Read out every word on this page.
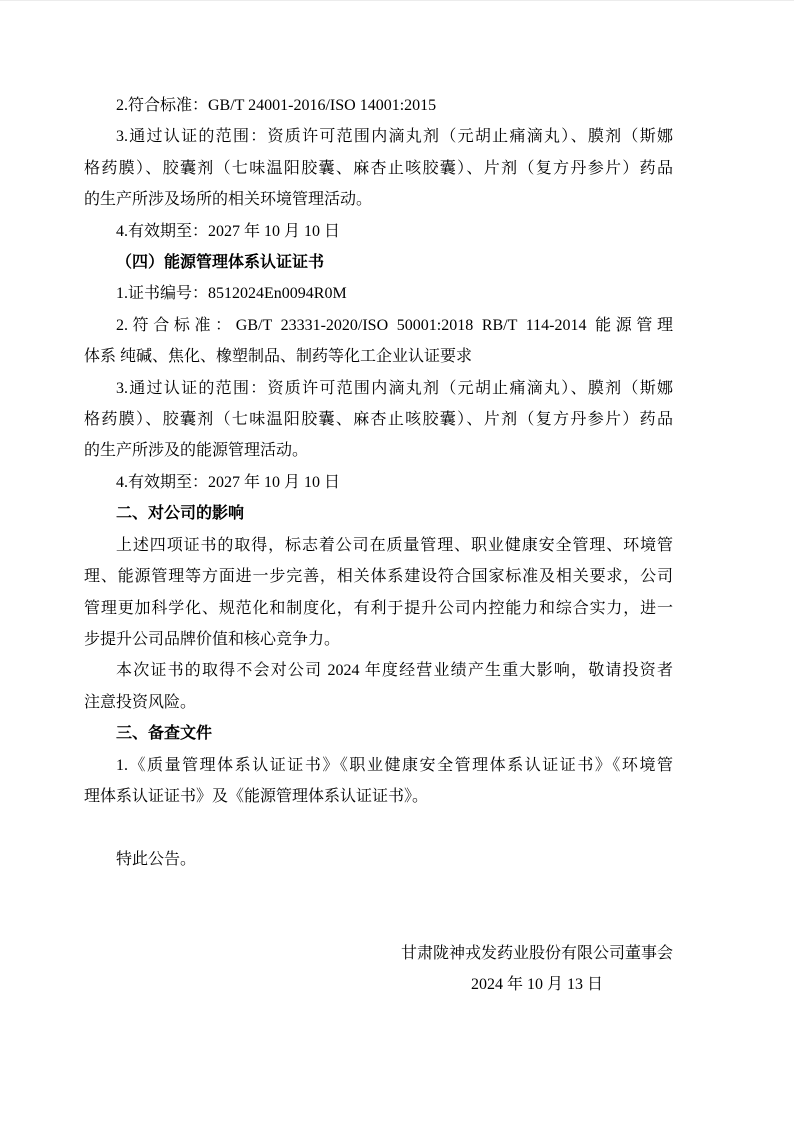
2.符合标准：GB/T 24001-2016/ISO 14001:2015
3.通过认证的范围：资质许可范围内滴丸剂（元胡止痛滴丸）、膜剂（斯娜
格药膜）、胶囊剂（七味温阳胶囊、麻杏止咳胶囊）、片剂（复方丹参片）药品
的生产所涉及场所的相关环境管理活动。
4.有效期至：2027 年 10 月 10 日
（四）能源管理体系认证证书
1.证书编号：8512024En0094R0M
2.符合标准：GB/T 23331-2020/ISO 50001:2018 RB/T 114-2014 能源管理
体系 纯碱、焦化、橡塑制品、制药等化工企业认证要求
3.通过认证的范围：资质许可范围内滴丸剂（元胡止痛滴丸）、膜剂（斯娜
格药膜）、胶囊剂（七味温阳胶囊、麻杏止咳胶囊）、片剂（复方丹参片）药品
的生产所涉及的能源管理活动。
4.有效期至：2027 年 10 月 10 日
二、对公司的影响
上述四项证书的取得，标志着公司在质量管理、职业健康安全管理、环境管
理、能源管理等方面进一步完善，相关体系建设符合国家标准及相关要求，公司
管理更加科学化、规范化和制度化，有利于提升公司内控能力和综合实力，进一
步提升公司品牌价值和核心竞争力。
本次证书的取得不会对公司 2024 年度经营业绩产生重大影响，敬请投资者
注意投资风险。
三、备查文件
1.《质量管理体系认证证书》《职业健康安全管理体系认证证书》《环境管
理体系认证证书》及《能源管理体系认证证书》。

特此公告。

甘肃陇神戎发药业股份有限公司董事会
2024 年 10 月 13 日
